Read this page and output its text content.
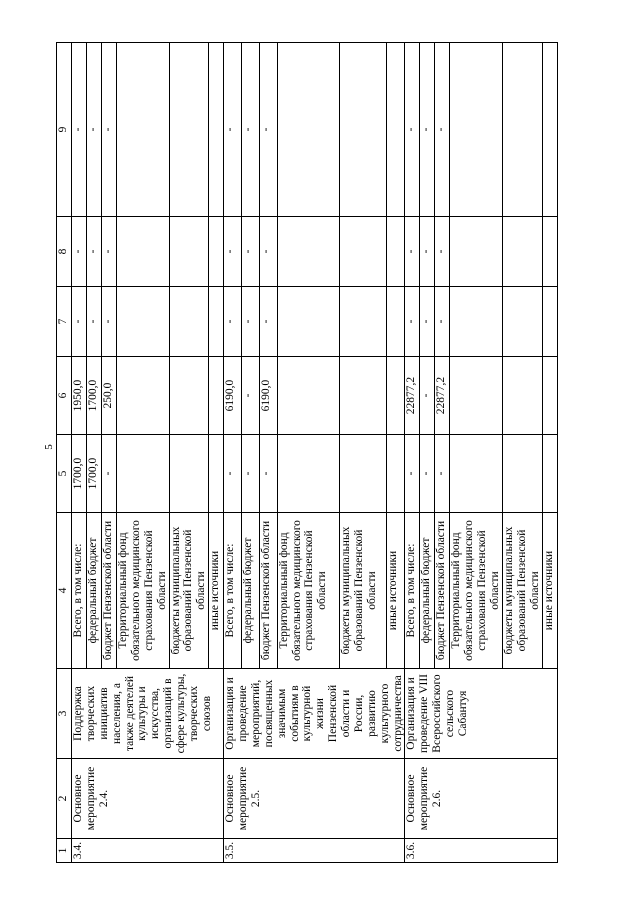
5
1	2	3	4	5	6	7	8	9
3.4.	Основное мероприятие 2.4.	Поддержка творческих инициатив населения, а также деятелей культуры и искусства, организаций в сфере культуры, творческих союзов	Всего, в том числе:	1700,0	1950,0	-	-	-
			федеральный бюджет	1700,0	1700,0	-	-	-
			бюджет Пензенской области	-	250,0	-	-	-
			Территориальный фонд обязательного медицинского страхования Пензенской области					
			бюджеты муниципальных образований Пензенской области					
			иные источники					
3.5.	Основное мероприятие 2.5.	Организация и проведение мероприятий, посвященных значимым событиям в культурной жизни Пензенской области и России, развитию культурного сотрудничества	Всего, в том числе:	-	6190,0	-	-	-
			федеральный бюджет	-	-	-	-	-
			бюджет Пензенской области	-	6190,0	-	-	-
			Территориальный фонд обязательного медицинского страхования Пензенской области					
			бюджеты муниципальных образований Пензенской области					
			иные источники					
3.6.	Основное мероприятие 2.6.	Организация и проведение VIII Всероссийского сельского Сабантуя	Всего, в том числе:	-	22877,2	-	-	-
			федеральный бюджет	-	-	-	-	-
			бюджет Пензенской области	-	22877,2	-	-	-
			Территориальный фонд обязательного медицинского страхования Пензенской области					
			бюджеты муниципальных образований Пензенской области					
			иные источники					
